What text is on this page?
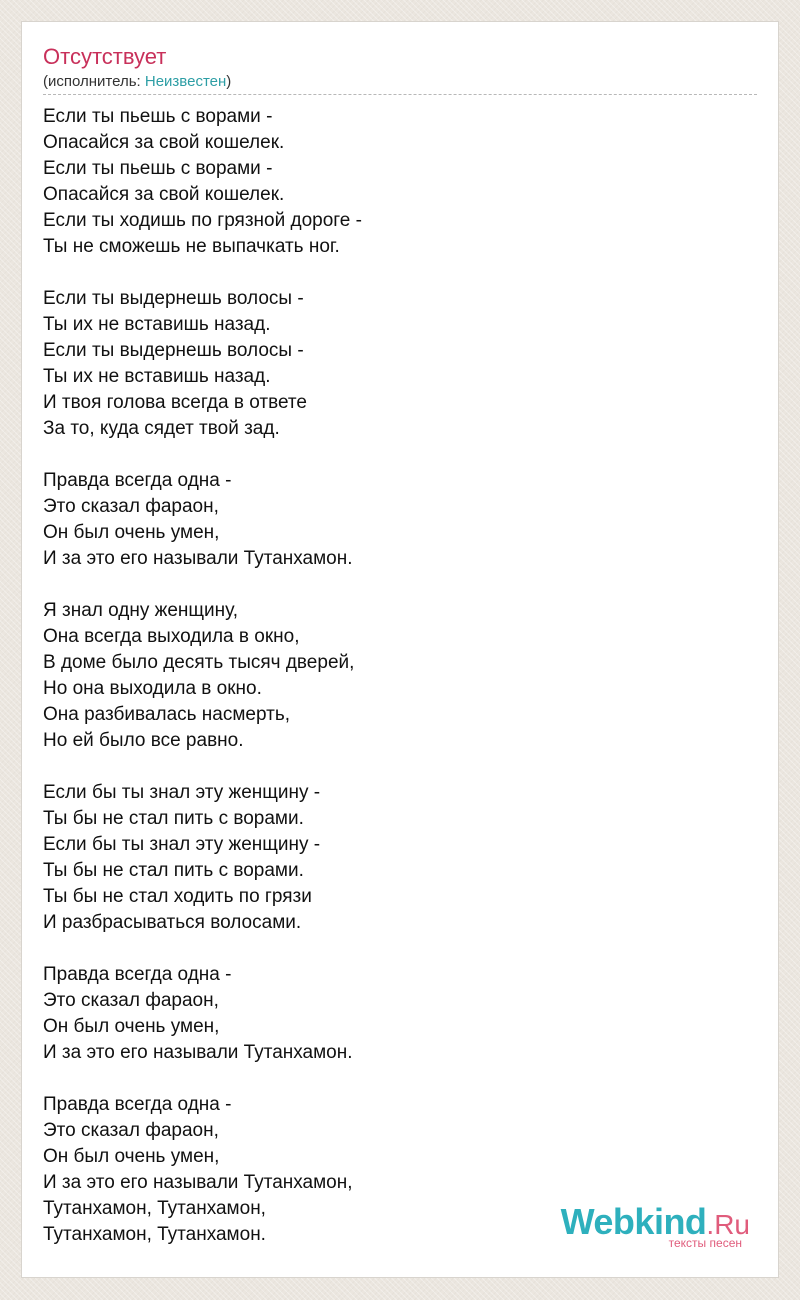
Отсутствует
(исполнитель: Неизвестен)
Если ты пьешь с ворами -
Опасайся за свой кошелек.
Если ты пьешь с ворами -
Опасайся за свой кошелек.
Если ты ходишь по грязной дороге -
Ты не сможешь не выпачкать ног.
Если ты выдернешь волосы -
Ты их не вставишь назад.
Если ты выдернешь волосы -
Ты их не вставишь назад.
И твоя голова всегда в ответе
За то, куда сядет твой зад.
Правда всегда одна -
Это сказал фараон,
Он был очень умен,
И за это его называли Тутанхамон.
Я знал одну женщину,
Она всегда выходила в окно,
В доме было десять тысяч дверей,
Но она выходила в окно.
Она разбивалась насмерть,
Но ей было все равно.
Если бы ты знал эту женщину -
Ты бы не стал пить с ворами.
Если бы ты знал эту женщину -
Ты бы не стал пить с ворами.
Ты бы не стал ходить по грязи
И разбрасываться волосами.
Правда всегда одна -
Это сказал фараон,
Он был очень умен,
И за это его называли Тутанхамон.
Правда всегда одна -
Это сказал фараон,
Он был очень умен,
И за это его называли Тутанхамон,
Тутанхамон, Тутанхамон,
Тутанхамон, Тутанхамон.	Webkind.Ru
тексты песен
